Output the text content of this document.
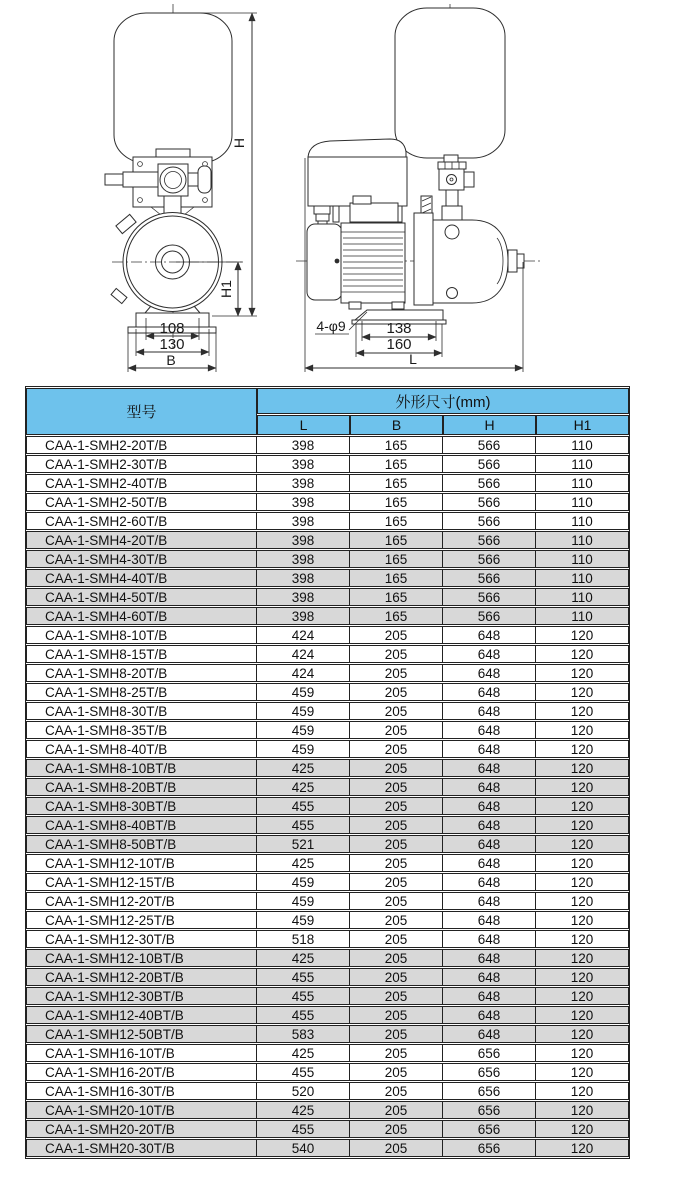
108
130
B
H1
H
4-φ9	138
160
L
型号	外形尺寸(mm)			
	L	B	H	H1
CAA-1-SMH2-20T/B	398	165	566	110
CAA-1-SMH2-30T/B	398	165	566	110
CAA-1-SMH2-40T/B	398	165	566	110
CAA-1-SMH2-50T/B	398	165	566	110
CAA-1-SMH2-60T/B	398	165	566	110
CAA-1-SMH4-20T/B	398	165	566	110
CAA-1-SMH4-30T/B	398	165	566	110
CAA-1-SMH4-40T/B	398	165	566	110
CAA-1-SMH4-50T/B	398	165	566	110
CAA-1-SMH4-60T/B	398	165	566	110
CAA-1-SMH8-10T/B	424	205	648	120
CAA-1-SMH8-15T/B	424	205	648	120
CAA-1-SMH8-20T/B	424	205	648	120
CAA-1-SMH8-25T/B	459	205	648	120
CAA-1-SMH8-30T/B	459	205	648	120
CAA-1-SMH8-35T/B	459	205	648	120
CAA-1-SMH8-40T/B	459	205	648	120
CAA-1-SMH8-10BT/B	425	205	648	120
CAA-1-SMH8-20BT/B	425	205	648	120
CAA-1-SMH8-30BT/B	455	205	648	120
CAA-1-SMH8-40BT/B	455	205	648	120
CAA-1-SMH8-50BT/B	521	205	648	120
CAA-1-SMH12-10T/B	425	205	648	120
CAA-1-SMH12-15T/B	459	205	648	120
CAA-1-SMH12-20T/B	459	205	648	120
CAA-1-SMH12-25T/B	459	205	648	120
CAA-1-SMH12-30T/B	518	205	648	120
CAA-1-SMH12-10BT/B	425	205	648	120
CAA-1-SMH12-20BT/B	455	205	648	120
CAA-1-SMH12-30BT/B	455	205	648	120
CAA-1-SMH12-40BT/B	455	205	648	120
CAA-1-SMH12-50BT/B	583	205	648	120
CAA-1-SMH16-10T/B	425	205	656	120
CAA-1-SMH16-20T/B	455	205	656	120
CAA-1-SMH16-30T/B	520	205	656	120
CAA-1-SMH20-10T/B	425	205	656	120
CAA-1-SMH20-20T/B	455	205	656	120
CAA-1-SMH20-30T/B	540	205	656	120
